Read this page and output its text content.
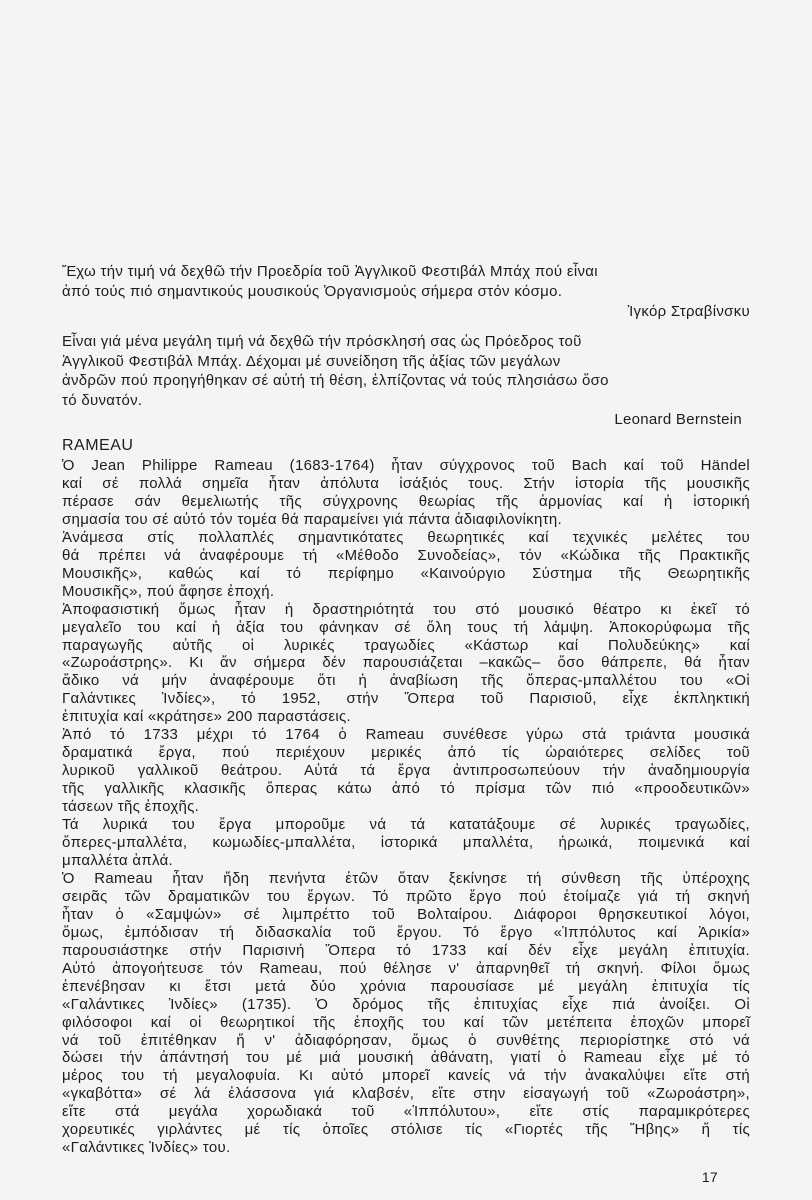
Ἔχω τήν τιμή νά δεχθῶ τήν Προεδρία τοῦ Ἀγγλικοῦ Φεστιβάλ Μπάχ πού εἶναι
ἀπό τούς πιό σημαντικούς μουσικούς Ὀργανισμούς σήμερα στόν κόσμο.
Ἰγκόρ Στραβίνσκυ
Εἶναι γιά μένα μεγάλη τιμή νά δεχθῶ τήν πρόσκλησή σας ὡς Πρόεδρος τοῦ
Ἀγγλικοῦ Φεστιβάλ Μπάχ. Δέχομαι μέ συνείδηση τῆς ἀξίας τῶν μεγάλων
ἀνδρῶν πού προηγήθηκαν σέ αὐτή τή θέση, ἐλπίζοντας νά τούς πλησιάσω ὅσο
τό δυνατόν.
Leonard Bernstein
RAMEAU
Ὁ Jean Philippe Rameau (1683-1764) ἦταν σύγχρονος τοῦ Bach καί τοῦ Händel
καί σέ πολλά σημεῖα ἦταν ἀπόλυτα ἰσάξιός τους. Στήν ἱστορία τῆς μουσικῆς
πέρασε σάν θεμελιωτής τῆς σύγχρονης θεωρίας τῆς ἁρμονίας καί ἡ ἱστορική
σημασία του σέ αὐτό τόν τομέα θά παραμείνει γιά πάντα ἀδιαφιλονίκητη.
Ἀνάμεσα στίς πολλαπλές σημαντικότατες θεωρητικές καί τεχνικές μελέτες του
θά πρέπει νά ἀναφέρουμε τή «Μέθοδο Συνοδείας», τόν «Κώδικα τῆς Πρακτικῆς
Μουσικῆς», καθώς καί τό περίφημο «Καινούργιο Σύστημα τῆς Θεωρητικῆς
Μουσικῆς», πού ἄφησε ἐποχή.
Ἀποφασιστική ὅμως ἦταν ἡ δραστηριότητά του στό μουσικό θέατρο κι ἐκεῖ τό
μεγαλεῖο του καί ἡ ἀξία του φάνηκαν σέ ὅλη τους τή λάμψη. Ἀποκορύφωμα τῆς
παραγωγῆς αὐτῆς οἱ λυρικές τραγωδίες «Κάστωρ καί Πολυδεύκης» καί
«Ζωροάστρης». Κι ἄν σήμερα δέν παρουσιάζεται –κακῶς– ὅσο θάπρεπε, θά ἦταν
ἄδικο νά μήν ἀναφέρουμε ὅτι ἡ ἀναβίωση τῆς ὄπερας-μπαλλέτου του «Οἱ
Γαλάντικες Ἰνδίες», τό 1952, στήν Ὄπερα τοῦ Παρισιοῦ, εἶχε ἐκπληκτική
ἐπιτυχία καί «κράτησε» 200 παραστάσεις.
Ἀπό τό 1733 μέχρι τό 1764 ὁ Rameau συνέθεσε γύρω στά τριάντα μουσικά
δραματικά ἔργα, πού περιέχουν μερικές ἀπό τίς ὡραιότερες σελίδες τοῦ
λυρικοῦ γαλλικοῦ θεάτρου. Αὐτά τά ἔργα ἀντιπροσωπεύουν τήν ἀναδημιουργία
τῆς γαλλικῆς κλασικῆς ὄπερας κάτω ἀπό τό πρίσμα τῶν πιό «προοδευτικῶν»
τάσεων τῆς ἐποχῆς.
Τά λυρικά του ἔργα μποροῦμε νά τά κατατάξουμε σέ λυρικές τραγωδίες,
ὄπερες-μπαλλέτα, κωμωδίες-μπαλλέτα, ἱστορικά μπαλλέτα, ἡρωικά, ποιμενικά καί
μπαλλέτα ἁπλά.
Ὁ Rameau ἦταν ἤδη πενήντα ἐτῶν ὅταν ξεκίνησε τή σύνθεση τῆς ὑπέροχης
σειρᾶς τῶν δραματικῶν του ἔργων. Τό πρῶτο ἔργο πού ἑτοίμαζε γιά τή σκηνή
ἦταν ὁ «Σαμψών» σέ λιμπρέττο τοῦ Βολταίρου. Διάφοροι θρησκευτικοί λόγοι,
ὅμως, ἐμπόδισαν τή διδασκαλία τοῦ ἔργου. Τό ἔργο «Ἱππόλυτος καί Ἀρικία»
παρουσιάστηκε στήν Παρισινή Ὄπερα τό 1733 καί δέν εἶχε μεγάλη ἐπιτυχία.
Αὐτό ἀπογοήτευσε τόν Rameau, πού θέλησε ν' ἀπαρνηθεῖ τή σκηνή. Φίλοι ὅμως
ἐπενέβησαν κι ἔτσι μετά δύο χρόνια παρουσίασε μέ μεγάλη ἐπιτυχία τίς
«Γαλάντικες Ἰνδίες» (1735). Ὁ δρόμος τῆς ἐπιτυχίας εἶχε πιά ἀνοίξει. Οἱ
φιλόσοφοι καί οἱ θεωρητικοί τῆς ἐποχῆς του καί τῶν μετέπειτα ἐποχῶν μπορεῖ
νά τοῦ ἐπιτέθηκαν ἤ ν' ἀδιαφόρησαν, ὅμως ὁ συνθέτης περιορίστηκε στό νά
δώσει τήν ἀπάντησή του μέ μιά μουσική ἀθάνατη, γιατί ὁ Rameau εἶχε μέ τό
μέρος του τή μεγαλοφυία. Κι αὐτό μπορεῖ κανείς νά τήν ἀνακαλύψει εἴτε στή
«γκαβόττα» σέ λά ἐλάσσονα γιά κλαβσέν, εἴτε στην εἰσαγωγή τοῦ «Ζωροάστρη»,
εἴτε στά μεγάλα χορωδιακά τοῦ «Ἱππόλυτου», εἴτε στίς παραμικρότερες
χορευτικές γιρλάντες μέ τίς ὁποῖες στόλισε τίς «Γιορτές τῆς Ἥβης» ἤ τίς
«Γαλάντικες Ἰνδίες» του.
17
